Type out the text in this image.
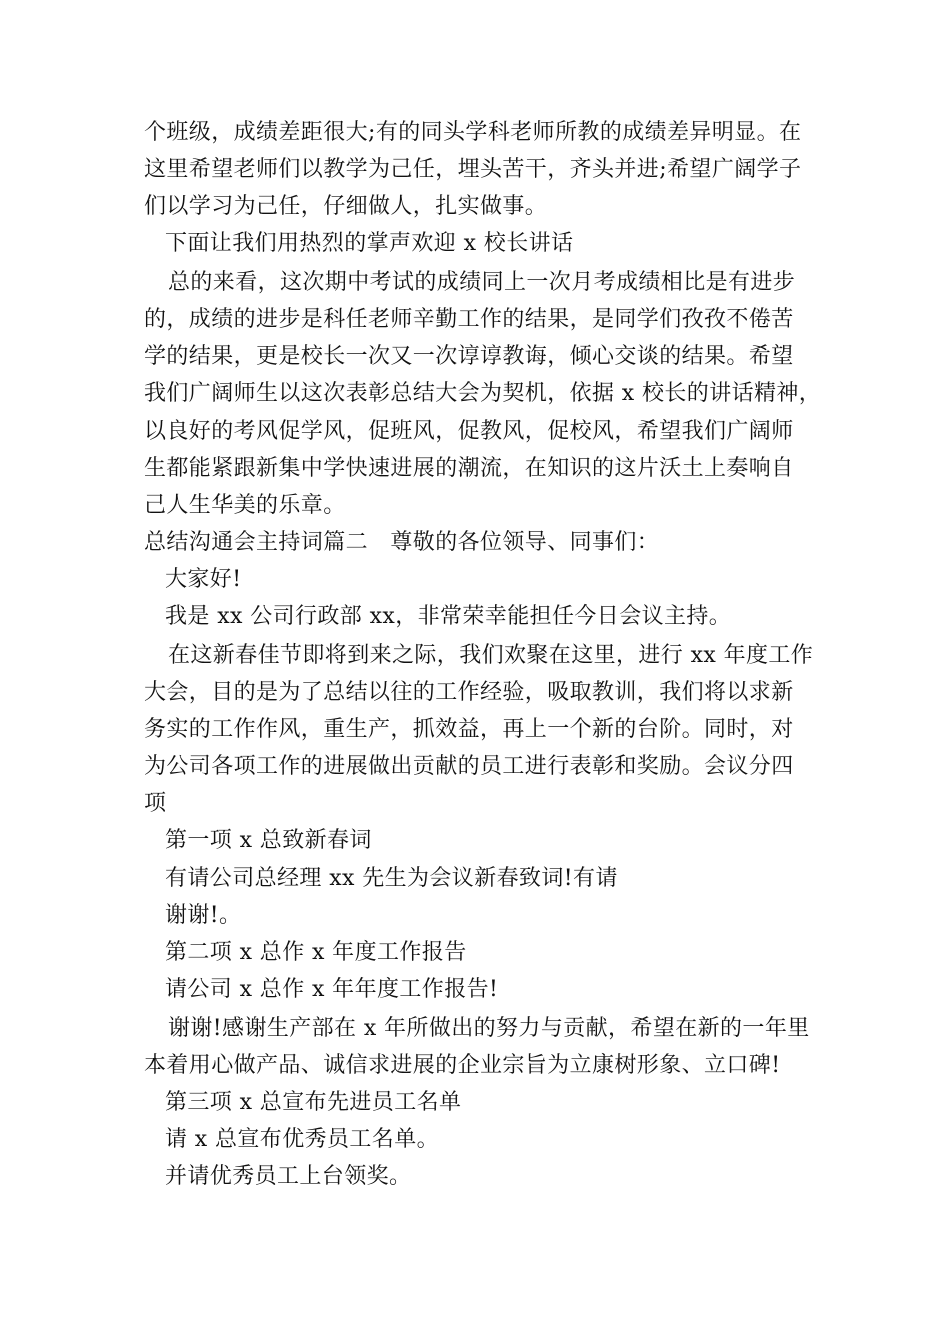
个班级，成绩差距很大;有的同头学科老师所教的成绩差异明显。在
这里希望老师们以教学为己任，埋头苦干，齐头并进;希望广阔学子
们以学习为己任，仔细做人，扎实做事。
下面让我们用热烈的掌声欢迎 x 校长讲话
总的来看，这次期中考试的成绩同上一次月考成绩相比是有进步
的，成绩的进步是科任老师辛勤工作的结果，是同学们孜孜不倦苦
学的结果，更是校长一次又一次谆谆教诲，倾心交谈的结果。希望
我们广阔师生以这次表彰总结大会为契机，依据 x 校长的讲话精神，
以良好的考风促学风，促班风，促教风，促校风，希望我们广阔师
生都能紧跟新集中学快速进展的潮流，在知识的这片沃土上奏响自
己人生华美的乐章。
总结沟通会主持词篇二　尊敬的各位领导、同事们：
大家好!
我是 xx 公司行政部 xx，非常荣幸能担任今日会议主持。
在这新春佳节即将到来之际，我们欢聚在这里，进行 xx 年度工作
大会，目的是为了总结以往的工作经验，吸取教训，我们将以求新
务实的工作作风，重生产，抓效益，再上一个新的台阶。同时，对
为公司各项工作的进展做出贡献的员工进行表彰和奖励。会议分四
项
第一项 x 总致新春词
有请公司总经理 xx 先生为会议新春致词!有请
谢谢!。
第二项 x 总作 x 年度工作报告
请公司 x 总作 x 年年度工作报告!
谢谢!感谢生产部在 x 年所做出的努力与贡献，希望在新的一年里
本着用心做产品、诚信求进展的企业宗旨为立康树形象、立口碑!
第三项 x 总宣布先进员工名单
请 x 总宣布优秀员工名单。
并请优秀员工上台领奖。
